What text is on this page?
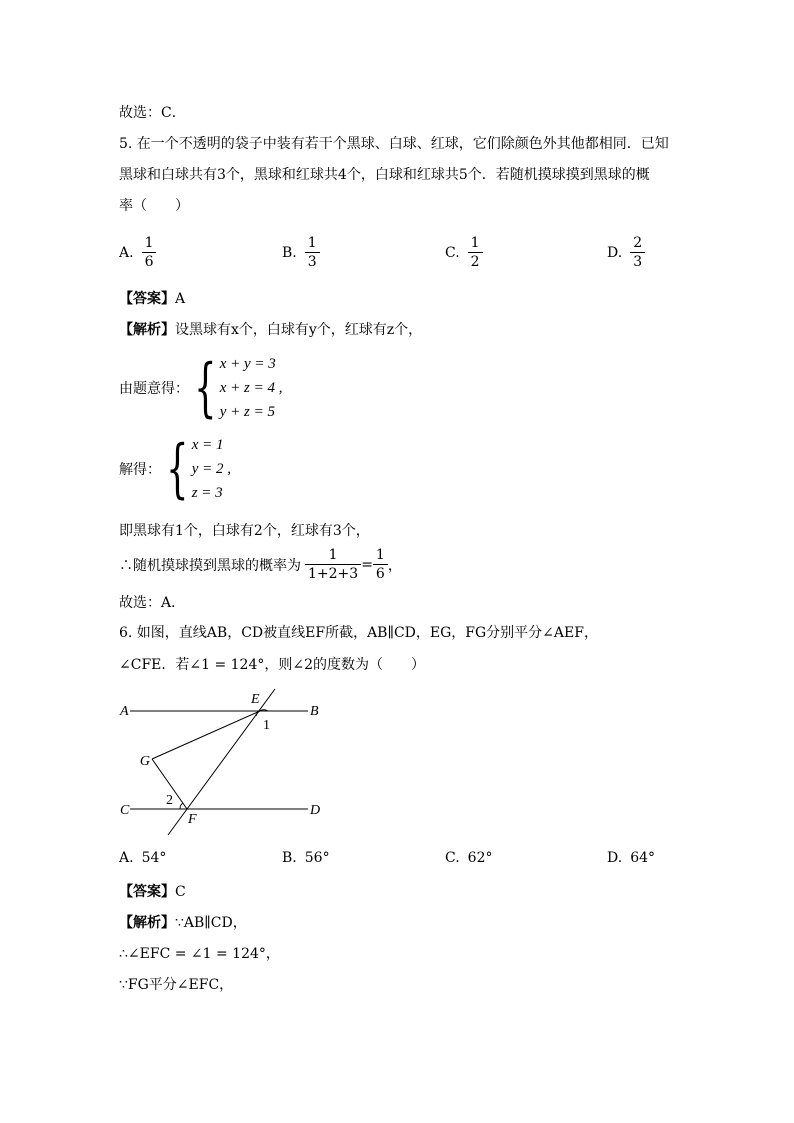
故选：C．
5. 在一个不透明的袋子中装有若干个黑球、白球、红球，它们除颜色外其他都相同．已知
黑球和白球共有3个，黑球和红球共4个，白球和红球共5个．若随机摸球摸到黑球的概
率（　　）
A. $\frac{1}{6}$	B. $\frac{1}{3}$	C. $\frac{1}{2}$	D. $\frac{2}{3}$
【答案】A
【解析】设黑球有x个，白球有y个，红球有z个，
由题意得： { x + y = 3
x + z = 4 ,
y + z = 5
解得： { x = 1
y = 2 ,
z = 3
即黑球有1个，白球有2个，红球有3个，
∴随机摸球摸到黑球的概率为 $\frac{1}{1+2+3} = \frac{1}{6}$ ，
故选：A．
6. 如图，直线AB，CD被直线EF所截，AB∥CD，EG，FG分别平分∠AEF，
∠CFE．若∠1 = 124°，则∠2的度数为（　　）
A	B
C	D
E
F
G
1
2
A. 54°	B. 56°	C. 62°	D. 64°
【答案】C
【解析】∵AB∥CD，
∴∠EFC = ∠1 = 124°，
∵FG平分∠EFC，
